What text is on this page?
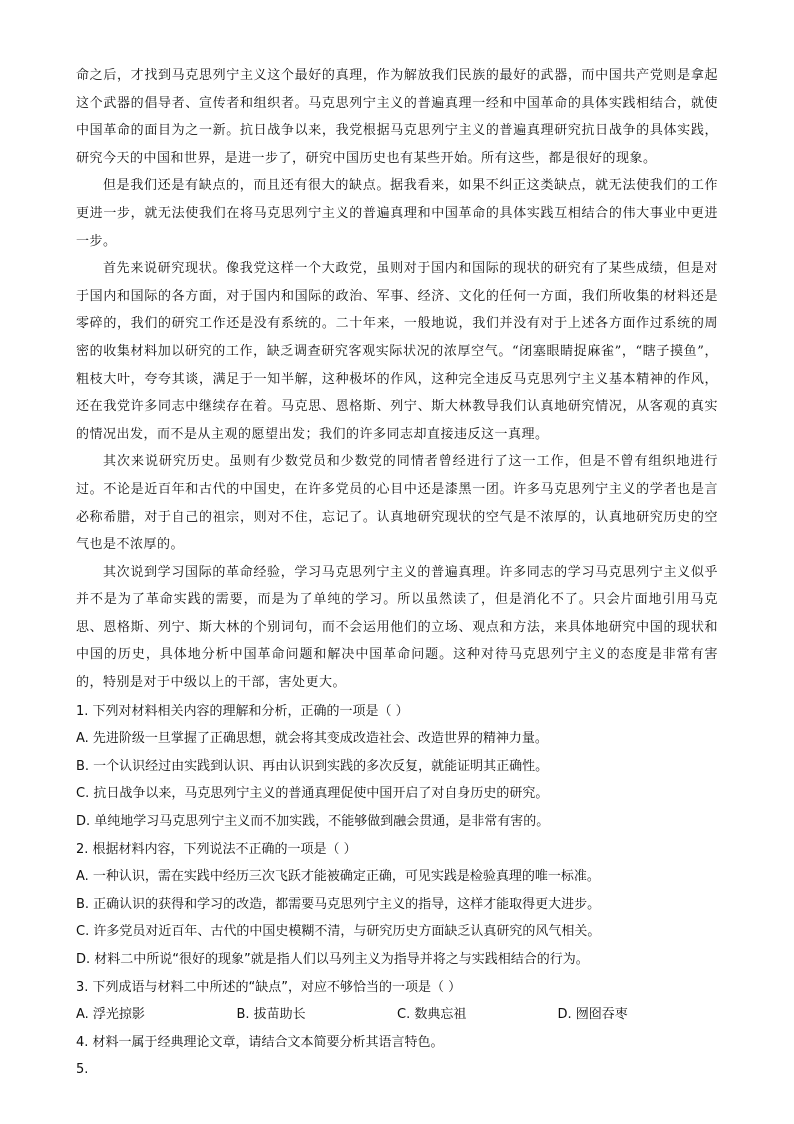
命之后，才找到马克思列宁主义这个最好的真理，作为解放我们民族的最好的武器，而中国共产党则是拿起这个武器的倡导者、宣传者和组织者。马克思列宁主义的普遍真理一经和中国革命的具体实践相结合，就使中国革命的面目为之一新。抗日战争以来，我党根据马克思列宁主义的普遍真理研究抗日战争的具体实践，研究今天的中国和世界，是进一步了，研究中国历史也有某些开始。所有这些，都是很好的现象。

但是我们还是有缺点的，而且还有很大的缺点。据我看来，如果不纠正这类缺点，就无法使我们的工作更进一步，就无法使我们在将马克思列宁主义的普遍真理和中国革命的具体实践互相结合的伟大事业中更进一步。

首先来说研究现状。像我党这样一个大政党，虽则对于国内和国际的现状的研究有了某些成绩，但是对于国内和国际的各方面，对于国内和国际的政治、军事、经济、文化的任何一方面，我们所收集的材料还是零碎的，我们的研究工作还是没有系统的。二十年来，一般地说，我们并没有对于上述各方面作过系统的周密的收集材料加以研究的工作，缺乏调查研究客观实际状况的浓厚空气。“闭塞眼睛捉麻雀”，“瞎子摸鱼”，粗枝大叶，夸夸其谈，满足于一知半解，这种极坏的作风，这种完全违反马克思列宁主义基本精神的作风，还在我党许多同志中继续存在着。马克思、恩格斯、列宁、斯大林教导我们认真地研究情况，从客观的真实的情况出发，而不是从主观的愿望出发；我们的许多同志却直接违反这一真理。

其次来说研究历史。虽则有少数党员和少数党的同情者曾经进行了这一工作，但是不曾有组织地进行过。不论是近百年和古代的中国史，在许多党员的心目中还是漆黑一团。许多马克思列宁主义的学者也是言必称希腊，对于自己的祖宗，则对不住，忘记了。认真地研究现状的空气是不浓厚的，认真地研究历史的空气也是不浓厚的。

其次说到学习国际的革命经验，学习马克思列宁主义的普遍真理。许多同志的学习马克思列宁主义似乎并不是为了革命实践的需要，而是为了单纯的学习。所以虽然读了，但是消化不了。只会片面地引用马克思、恩格斯、列宁、斯大林的个别词句，而不会运用他们的立场、观点和方法，来具体地研究中国的现状和中国的历史，具体地分析中国革命问题和解决中国革命问题。这种对待马克思列宁主义的态度是非常有害的，特别是对于中级以上的干部，害处更大。

1. 下列对材料相关内容的理解和分析，正确的一项是（ ）

A. 先进阶级一旦掌握了正确思想，就会将其变成改造社会、改造世界的精神力量。

B. 一个认识经过由实践到认识、再由认识到实践的多次反复，就能证明其正确性。

C. 抗日战争以来，马克思列宁主义的普通真理促使中国开启了对自身历史的研究。

D. 单纯地学习马克思列宁主义而不加实践，不能够做到融会贯通，是非常有害的。

2. 根据材料内容，下列说法不正确的一项是（ ）

A. 一种认识，需在实践中经历三次飞跃才能被确定正确，可见实践是检验真理的唯一标准。

B. 正确认识的获得和学习的改造，都需要马克思列宁主义的指导，这样才能取得更大进步。

C. 许多党员对近百年、古代的中国史模糊不清，与研究历史方面缺乏认真研究的风气相关。

D. 材料二中所说“很好的现象”就是指人们以马列主义为指导并将之与实践相结合的行为。

3. 下列成语与材料二中所述的“缺点”，对应不够恰当的一项是（ ）

A. 浮光掠影	B. 拔苗助长	C. 数典忘祖	D. 囫囵吞枣

4. 材料一属于经典理论文章，请结合文本简要分析其语言特色。

5.
